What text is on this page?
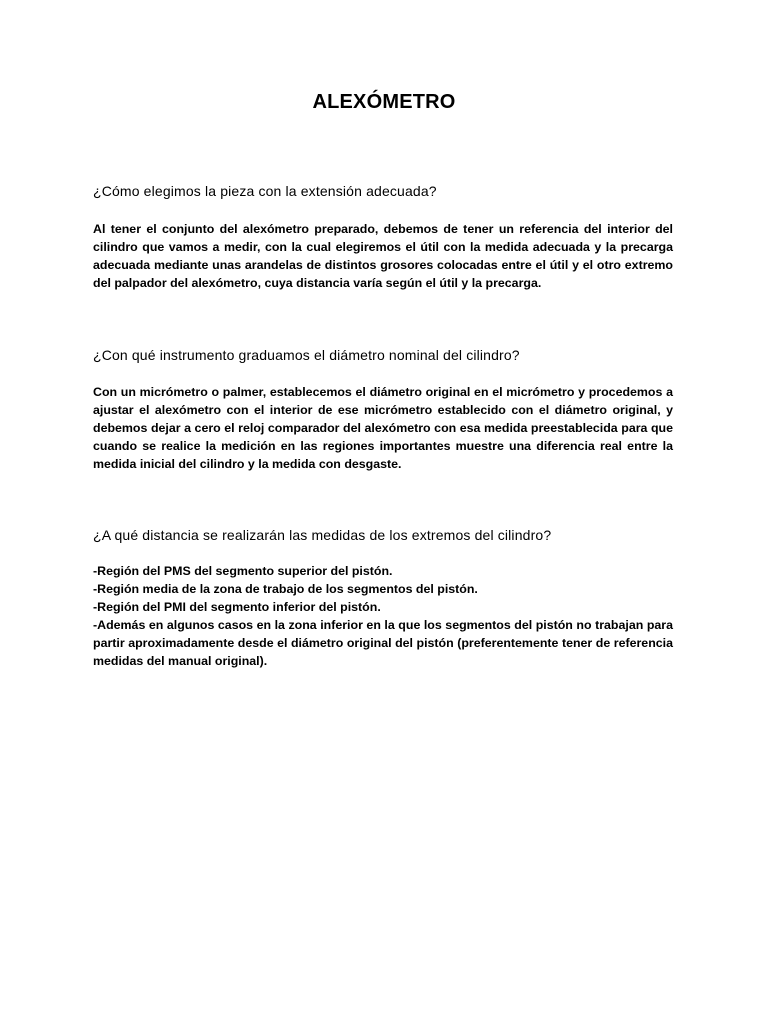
ALEXÓMETRO
¿Cómo elegimos la pieza con la extensión adecuada?

Al tener el conjunto del alexómetro preparado, debemos de tener un referencia del interior del cilindro que vamos a medir, con la cual elegiremos el útil con la medida adecuada y la precarga adecuada mediante unas arandelas de distintos grosores colocadas entre el útil y el otro extremo del palpador del alexómetro, cuya distancia varía según el útil y la precarga.

¿Con qué instrumento graduamos el diámetro nominal del cilindro?

Con un micrómetro o palmer, establecemos el diámetro original en el micrómetro y procedemos a ajustar el alexómetro con el interior de ese micrómetro establecido con el diámetro original, y debemos dejar a cero el reloj comparador del alexómetro con esa medida preestablecida para que cuando se realice la medición en las regiones importantes muestre una diferencia real entre la medida inicial del cilindro y la medida con desgaste.

¿A qué distancia se realizarán las medidas de los extremos del cilindro?
-Región del PMS del segmento superior del pistón.
-Región media de la zona de trabajo de los segmentos del pistón.
-Región del PMI del segmento inferior del pistón.
-Además en algunos casos en la zona inferior en la que los segmentos del pistón no trabajan para partir aproximadamente desde el diámetro original del pistón (preferentemente tener de referencia medidas del manual original).
